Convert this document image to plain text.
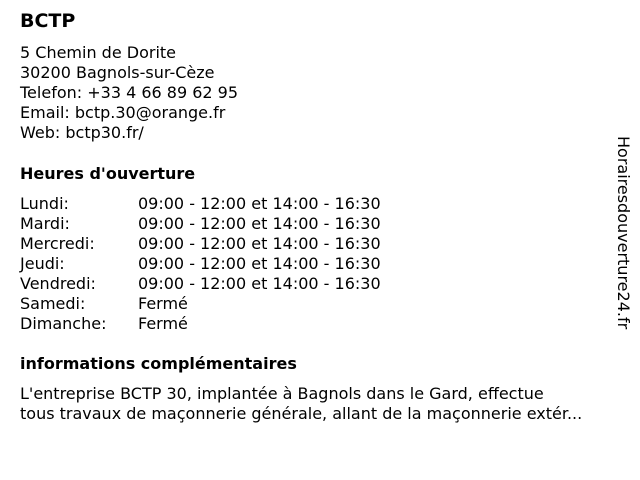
BCTP
5 Chemin de Dorite
30200 Bagnols-sur-Cèze
Telefon: +33 4 66 89 62 95
Email: bctp.30@orange.fr
Web: bctp30.fr/
Heures d'ouverture
Lundi:	09:00 - 12:00 et 14:00 - 16:30
Mardi:	09:00 - 12:00 et 14:00 - 16:30
Mercredi:	09:00 - 12:00 et 14:00 - 16:30
Jeudi:	09:00 - 12:00 et 14:00 - 16:30
Vendredi:	09:00 - 12:00 et 14:00 - 16:30
Samedi:	Fermé
Dimanche:	Fermé
informations complémentaires
L'entreprise BCTP 30, implantée à Bagnols dans le Gard, effectue
tous travaux de maçonnerie générale, allant de la maçonnerie extér...
Horairesdouverture24.fr
